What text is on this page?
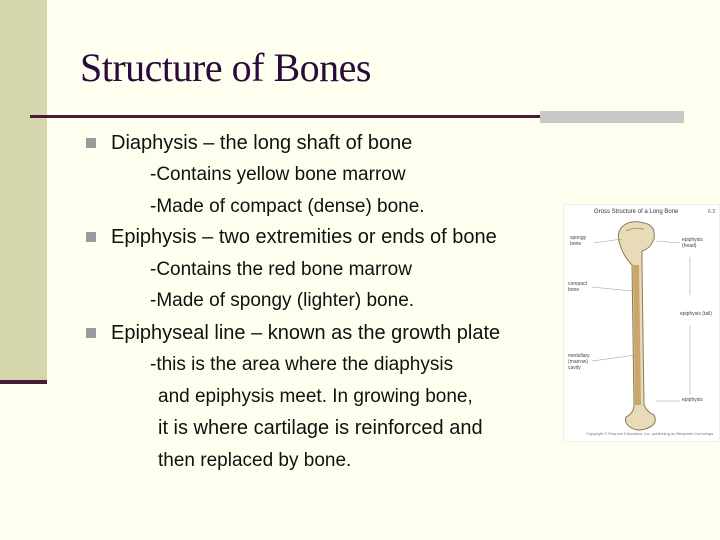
Structure of Bones
Diaphysis – the long shaft of bone
-Contains yellow bone marrow
-Made of compact (dense) bone.
Epiphysis – two extremities or ends of bone
-Contains the red bone marrow
-Made of spongy (lighter) bone.
Epiphyseal line – known as the growth plate
-this is the area where the diaphysis
and epiphysis meet. In growing bone,
it is where cartilage is reinforced and
then replaced by bone.
Gross Structure of a Long Bone	6.3
spongy bone
epiphysis (head)
compact bone
epiphysis (tail)
medullary (marrow) cavity
epiphysis
Copyright © Pearson Education, Inc. publishing as Benjamin Cummings
